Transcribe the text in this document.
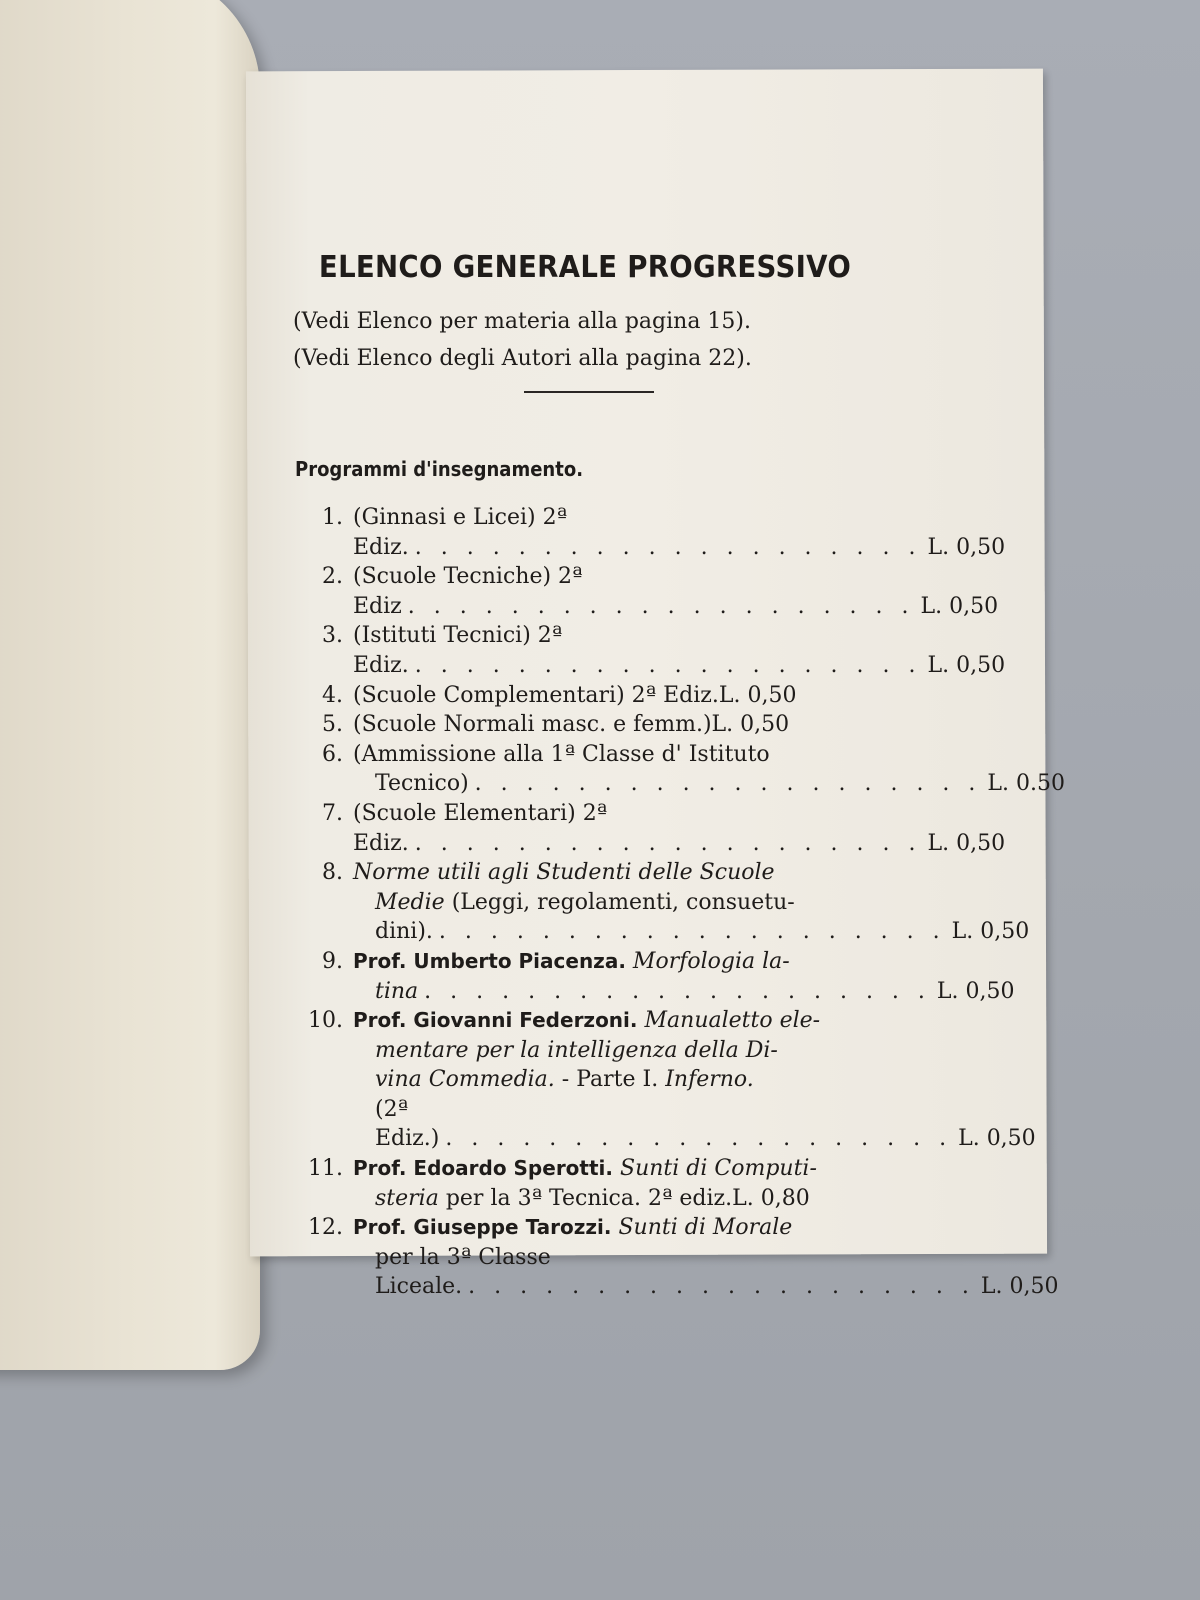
ELENCO GENERALE PROGRESSIVO
(Vedi Elenco per materia alla pagina 15).
(Vedi Elenco degli Autori alla pagina 22).
Programmi d'insegnamento.
1. (Ginnasi e Licei) 2ª Ediz. . . . . . . . . . . . . . . . . . . . . L. 0,50
2. (Scuole Tecniche) 2ª Ediz . . . . . . . . . . . . . . . . . . . . L. 0,50
3. (Istituti Tecnici) 2ª Ediz. . . . . . . . . . . . . . . . . . . . . L. 0,50
4. (Scuole Complementari) 2ª Ediz.L. 0,50
5. (Scuole Normali masc. e femm.)L. 0,50
6. (Ammissione alla 1ª Classe d' Istituto
Tecnico) . . . . . . . . . . . . . . . . . . . . L. 0.50
7. (Scuole Elementari) 2ª Ediz. . . . . . . . . . . . . . . . . . . . . L. 0,50
8. Norme utili agli Studenti delle Scuole
Medie (Leggi, regolamenti, consuetu-
dini). . . . . . . . . . . . . . . . . . . . . L. 0,50
9. Prof. Umberto Piacenza. Morfologia la-
tina . . . . . . . . . . . . . . . . . . . . L. 0,50
10. Prof. Giovanni Federzoni. Manualetto ele-
mentare per la intelligenza della Di-
vina Commedia. - Parte I. Inferno.
(2ª Ediz.) . . . . . . . . . . . . . . . . . . . . L. 0,50
11. Prof. Edoardo Sperotti. Sunti di Computi-
steria per la 3ª Tecnica. 2ª ediz.L. 0,80
12. Prof. Giuseppe Tarozzi. Sunti di Morale
per la 3ª Classe Liceale. . . . . . . . . . . . . . . . . . . . . L. 0,50
